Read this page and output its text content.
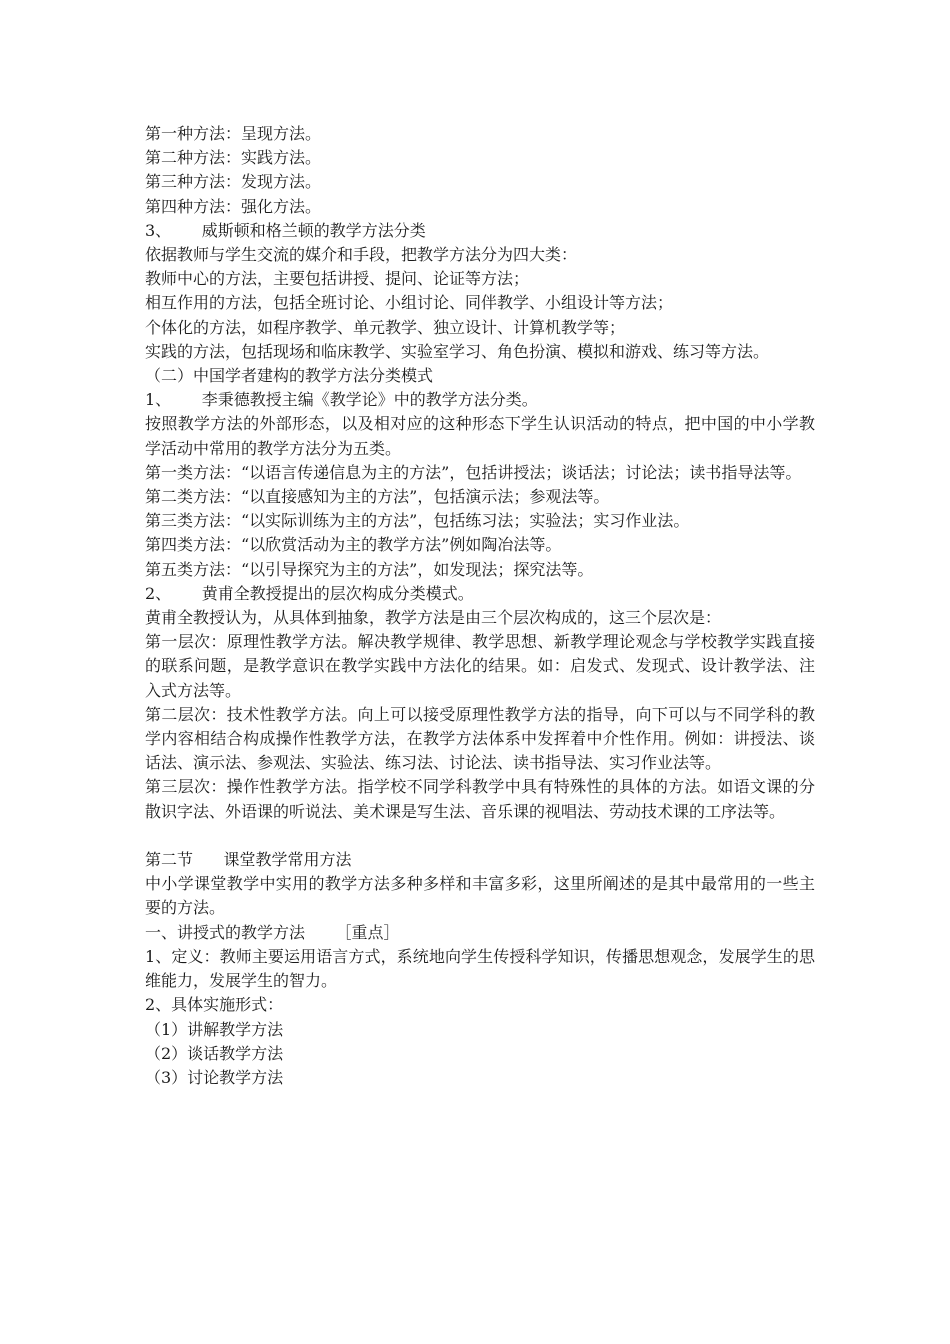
第一种方法：呈现方法。
第二种方法：实践方法。
第三种方法：发现方法。
第四种方法：强化方法。
3、      威斯顿和格兰顿的教学方法分类
依据教师与学生交流的媒介和手段，把教学方法分为四大类：
教师中心的方法，主要包括讲授、提问、论证等方法；
相互作用的方法，包括全班讨论、小组讨论、同伴教学、小组设计等方法；
个体化的方法，如程序教学、单元教学、独立设计、计算机教学等；
实践的方法，包括现场和临床教学、实验室学习、角色扮演、模拟和游戏、练习等方法。
（二）中国学者建构的教学方法分类模式
1、      李秉德教授主编《教学论》中的教学方法分类。
按照教学方法的外部形态，以及相对应的这种形态下学生认识活动的特点，把中国的中小学教学活动中常用的教学方法分为五类。
第一类方法：“以语言传递信息为主的方法”，包括讲授法；谈话法；讨论法；读书指导法等。
第二类方法：“以直接感知为主的方法”，包括演示法；参观法等。
第三类方法：“以实际训练为主的方法”，包括练习法；实验法；实习作业法。
第四类方法：“以欣赏活动为主的教学方法”例如陶冶法等。
第五类方法：“以引导探究为主的方法”，如发现法；探究法等。
2、      黄甫全教授提出的层次构成分类模式。
黄甫全教授认为，从具体到抽象，教学方法是由三个层次构成的，这三个层次是：
第一层次：原理性教学方法。解决教学规律、教学思想、新教学理论观念与学校教学实践直接的联系问题，是教学意识在教学实践中方法化的结果。如：启发式、发现式、设计教学法、注入式方法等。
第二层次：技术性教学方法。向上可以接受原理性教学方法的指导，向下可以与不同学科的教学内容相结合构成操作性教学方法，在教学方法体系中发挥着中介性作用。例如：讲授法、谈话法、演示法、参观法、实验法、练习法、讨论法、读书指导法、实习作业法等。
第三层次：操作性教学方法。指学校不同学科教学中具有特殊性的具体的方法。如语文课的分散识字法、外语课的听说法、美术课是写生法、音乐课的视唱法、劳动技术课的工序法等。
第二节      课堂教学常用方法
中小学课堂教学中实用的教学方法多种多样和丰富多彩，这里所阐述的是其中最常用的一些主要的方法。
一、讲授式的教学方法      ［重点］
1、定义：教师主要运用语言方式，系统地向学生传授科学知识，传播思想观念，发展学生的思维能力，发展学生的智力。
2、具体实施形式：
（1）讲解教学方法
（2）谈话教学方法
（3）讨论教学方法
